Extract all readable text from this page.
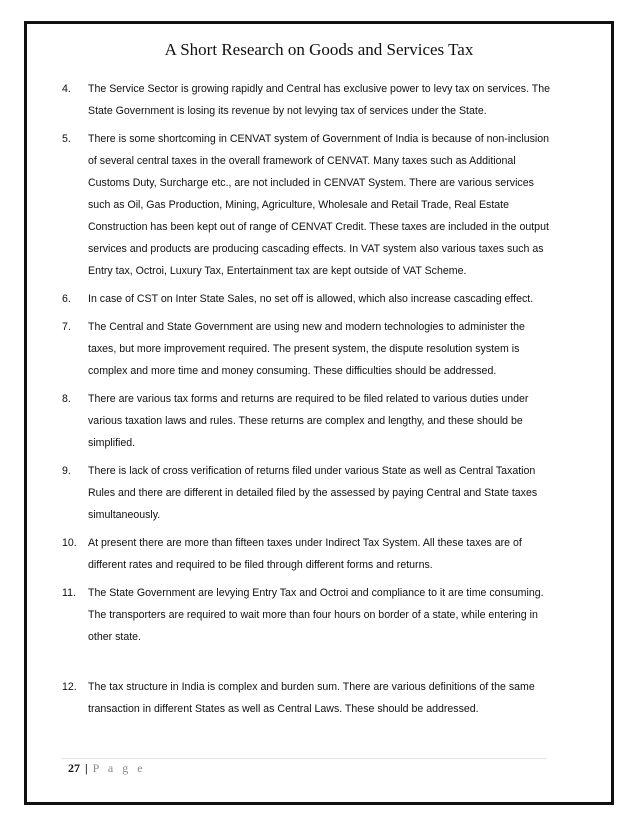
A Short Research on Goods and Services Tax
4. The Service Sector is growing rapidly and Central has exclusive power to levy tax on services. The State Government is losing its revenue by not levying tax of services under the State.
5. There is some shortcoming in CENVAT system of Government of India is because of non-inclusion of several central taxes in the overall framework of CENVAT. Many taxes such as Additional Customs Duty, Surcharge etc., are not included in CENVAT System. There are various services such as Oil, Gas Production, Mining, Agriculture, Wholesale and Retail Trade, Real Estate Construction has been kept out of range of CENVAT Credit. These taxes are included in the output services and products are producing cascading effects. In VAT system also various taxes such as Entry tax, Octroi, Luxury Tax, Entertainment tax are kept outside of VAT Scheme.
6. In case of CST on Inter State Sales, no set off is allowed, which also increase cascading effect.
7. The Central and State Government are using new and modern technologies to administer the taxes, but more improvement required. The present system, the dispute resolution system is complex and more time and money consuming. These difficulties should be addressed.
8. There are various tax forms and returns are required to be filed related to various duties under various taxation laws and rules. These returns are complex and lengthy, and these should be simplified.
9. There is lack of cross verification of returns filed under various State as well as Central Taxation Rules and there are different in detailed filed by the assessed by paying Central and State taxes simultaneously.
10. At present there are more than fifteen taxes under Indirect Tax System. All these taxes are of different rates and required to be filed through different forms and returns.
11. The State Government are levying Entry Tax and Octroi and compliance to it are time consuming. The transporters are required to wait more than four hours on border of a state, while entering in other state.
12. The tax structure in India is complex and burden sum. There are various definitions of the same transaction in different States as well as Central Laws. These should be addressed.
27 | P a g e
